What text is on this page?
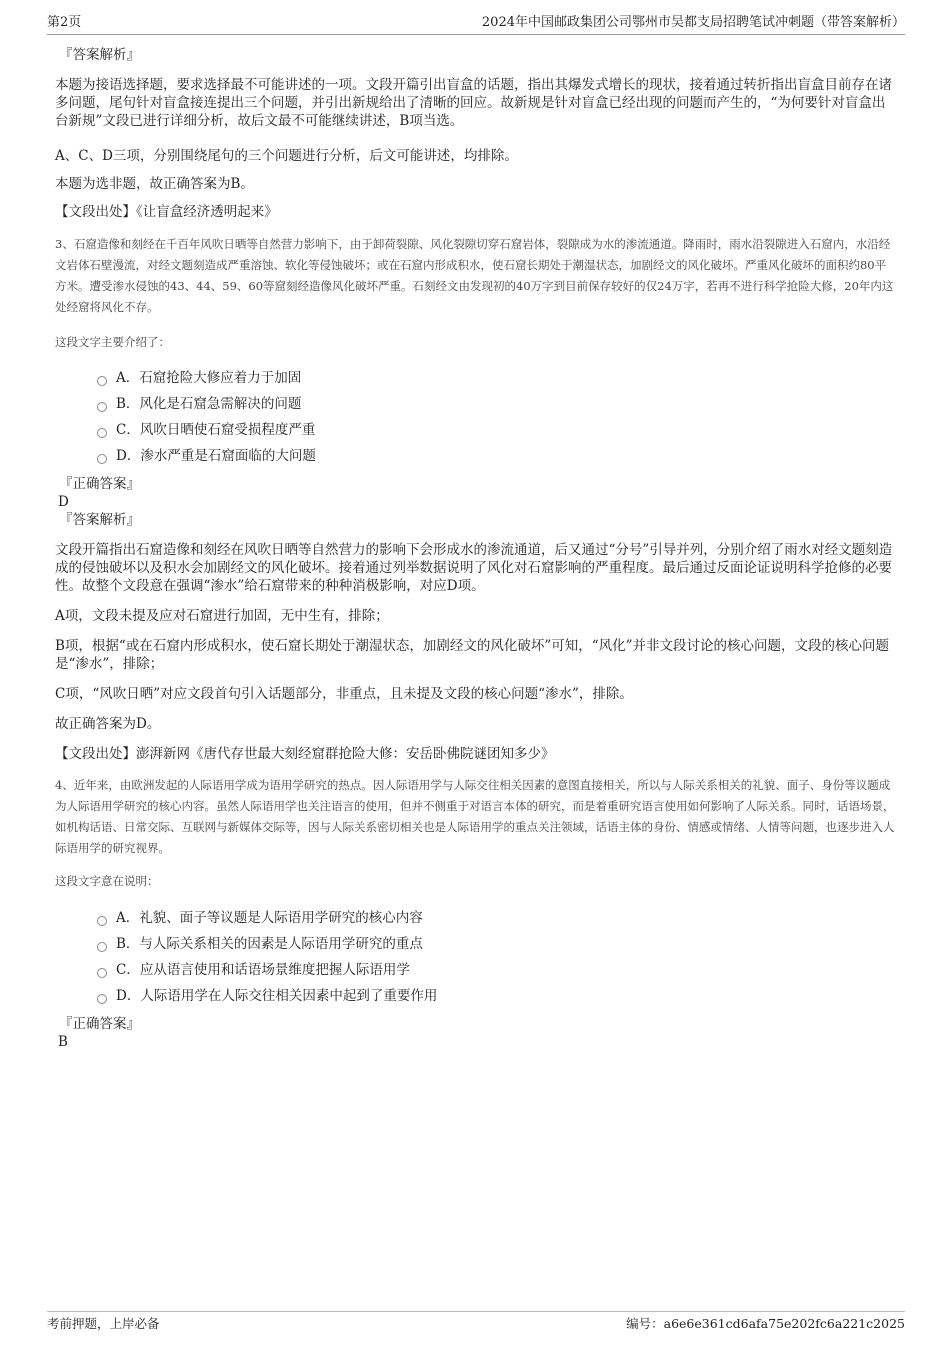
第2页	2024年中国邮政集团公司鄂州市吴都支局招聘笔试冲刺题（带答案解析）
『答案解析』

本题为接语选择题，要求选择最不可能讲述的一项。文段开篇引出盲盒的话题，指出其爆发式增长的现状，接着通过转折指出盲盒目前存在诸多问题，尾句针对盲盒接连提出三个问题，并引出新规给出了清晰的回应。故新规是针对盲盒已经出现的问题而产生的，“为何要针对盲盒出台新规”文段已进行详细分析，故后文最不可能继续讲述，B项当选。

A、C、D三项，分别围绕尾句的三个问题进行分析，后文可能讲述，均排除。

本题为选非题，故正确答案为B。

【文段出处】《让盲盒经济透明起来》

3、石窟造像和刻经在千百年风吹日晒等自然营力影响下，由于卸荷裂隙、风化裂隙切穿石窟岩体，裂隙成为水的渗流通道。降雨时，雨水沿裂隙进入石窟内，水沿经文岩体石壁漫流，对经文题刻造成严重溶蚀、软化等侵蚀破坏；或在石窟内形成积水，使石窟长期处于潮湿状态，加剧经文的风化破坏。严重风化破坏的面积约80平方米。遭受渗水侵蚀的43、44、59、60等窟刻经造像风化破坏严重。石刻经文由发现初的40万字到目前保存较好的仅24万字，若再不进行科学抢险大修，20年内这处经窟将风化不存。

这段文字主要介绍了：

A． 石窟抢险大修应着力于加固
B． 风化是石窟急需解决的问题
C． 风吹日晒使石窟受损程度严重
D． 渗水严重是石窟面临的大问题
『正确答案』
D
『答案解析』

文段开篇指出石窟造像和刻经在风吹日晒等自然营力的影响下会形成水的渗流通道，后又通过“分号”引导并列，分别介绍了雨水对经文题刻造成的侵蚀破坏以及积水会加剧经文的风化破坏。接着通过列举数据说明了风化对石窟影响的严重程度。最后通过反面论证说明科学抢修的必要性。故整个文段意在强调“渗水”给石窟带来的种种消极影响，对应D项。

A项，文段未提及应对石窟进行加固，无中生有，排除；

B项，根据“或在石窟内形成积水，使石窟长期处于潮湿状态，加剧经文的风化破坏”可知，“风化”并非文段讨论的核心问题，文段的核心问题是“渗水”，排除；

C项，“风吹日晒”对应文段首句引入话题部分，非重点，且未提及文段的核心问题“渗水”，排除。

故正确答案为D。

【文段出处】澎湃新网《唐代存世最大刻经窟群抢险大修：安岳卧佛院谜团知多少》

4、近年来，由欧洲发起的人际语用学成为语用学研究的热点。因人际语用学与人际交往相关因素的意图直接相关，所以与人际关系相关的礼貌、面子、身份等议题成为人际语用学研究的核心内容。虽然人际语用学也关注语言的使用，但并不侧重于对语言本体的研究，而是着重研究语言使用如何影响了人际关系。同时，话语场景，如机构话语、日常交际、互联网与新媒体交际等，因与人际关系密切相关也是人际语用学的重点关注领域，话语主体的身份、情感或情绪、人情等问题，也逐步进入人际语用学的研究视界。

这段文字意在说明：

A． 礼貌、面子等议题是人际语用学研究的核心内容
B． 与人际关系相关的因素是人际语用学研究的重点
C． 应从语言使用和话语场景维度把握人际语用学
D． 人际语用学在人际交往相关因素中起到了重要作用
『正确答案』
B
考前押题，上岸必备	编号：a6e6e361cd6afa75e202fc6a221c2025
